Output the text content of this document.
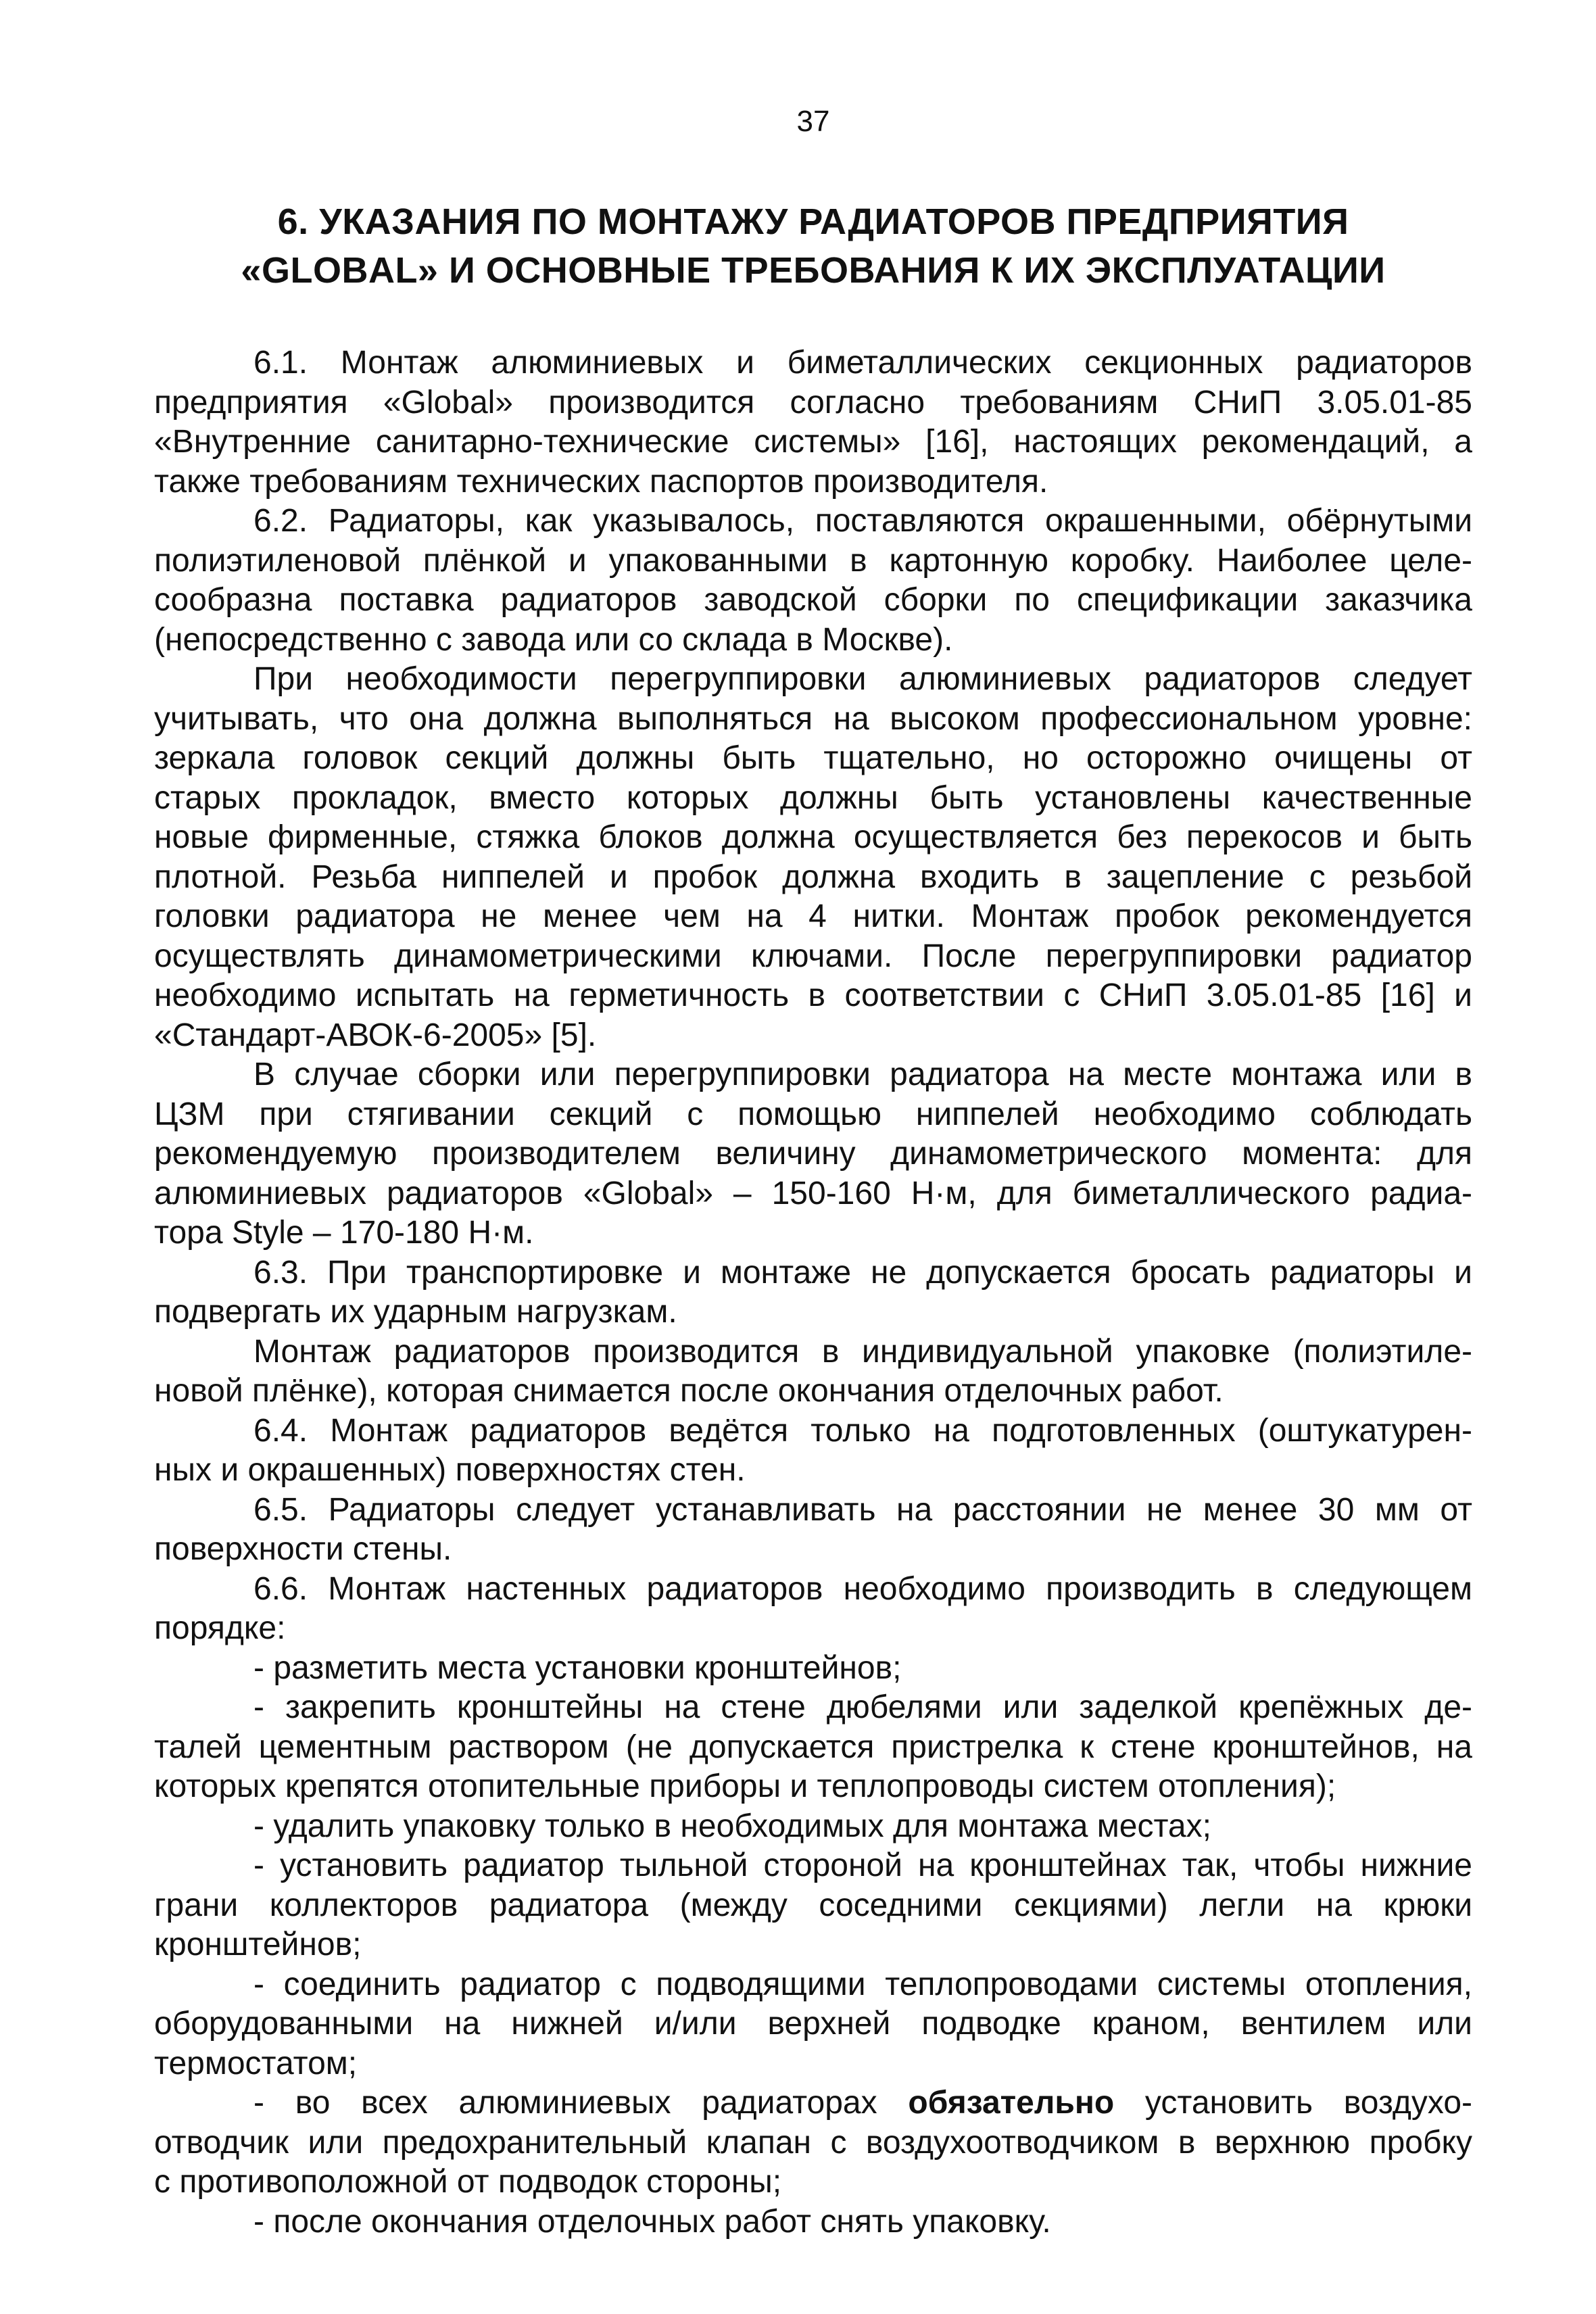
37
6. УКАЗАНИЯ ПО МОНТАЖУ РАДИАТОРОВ ПРЕДПРИЯТИЯ
«GLOBAL» И ОСНОВНЫЕ ТРЕБОВАНИЯ К ИХ ЭКСПЛУАТАЦИИ
6.1. Монтаж алюминиевых и биметаллических секционных радиаторов
предприятия «Global» производится согласно требованиям СНиП 3.05.01-85
«Внутренние санитарно-технические системы» [16], настоящих рекомендаций, а
также требованиям технических паспортов производителя.
6.2. Радиаторы, как указывалось, поставляются окрашенными, обёрнутыми
полиэтиленовой плёнкой и упакованными в картонную коробку. Наиболее целе-
сообразна поставка радиаторов заводской сборки по спецификации заказчика
(непосредственно с завода или со склада в Москве).
При необходимости перегруппировки алюминиевых радиаторов следует
учитывать, что она должна выполняться на высоком профессиональном уровне:
зеркала головок секций должны быть тщательно, но осторожно очищены от
старых прокладок, вместо которых должны быть установлены качественные
новые фирменные, стяжка блоков должна осуществляется без перекосов и быть
плотной. Резьба ниппелей и пробок должна входить в зацепление с резьбой
головки радиатора не менее чем на 4 нитки. Монтаж пробок рекомендуется
осуществлять динамометрическими ключами. После перегруппировки радиатор
необходимо испытать на герметичность в соответствии с СНиП 3.05.01-85 [16] и
«Стандарт-АВОК-6-2005» [5].
В случае сборки или перегруппировки радиатора на месте монтажа или в
ЦЗМ при стягивании секций с помощью ниппелей необходимо соблюдать
рекомендуемую производителем величину динамометрического момента: для
алюминиевых радиаторов «Global» – 150-160 Н·м, для биметаллического радиа-
тора Style – 170-180 Н·м.
6.3. При транспортировке и монтаже не допускается бросать радиаторы и
подвергать их ударным нагрузкам.
Монтаж радиаторов производится в индивидуальной упаковке (полиэтиле-
новой плёнке), которая снимается после окончания отделочных работ.
6.4. Монтаж радиаторов ведётся только на подготовленных (оштукатурен-
ных и окрашенных) поверхностях стен.
6.5. Радиаторы следует устанавливать на расстоянии не менее 30 мм от
поверхности стены.
6.6. Монтаж настенных радиаторов необходимо производить в следующем
порядке:
- разметить места установки кронштейнов;
- закрепить кронштейны на стене дюбелями или заделкой крепёжных де-
талей цементным раствором (не допускается пристрелка к стене кронштейнов, на
которых крепятся отопительные приборы и теплопроводы систем отопления);
- удалить упаковку только в необходимых для монтажа местах;
- установить радиатор тыльной стороной на кронштейнах так, чтобы нижние
грани коллекторов радиатора (между соседними секциями) легли на крюки
кронштейнов;
- соединить радиатор с подводящими теплопроводами системы отопления,
оборудованными на нижней и/или верхней подводке краном, вентилем или
термостатом;
- во всех алюминиевых радиаторах обязательно установить воздухо-
отводчик или предохранительный клапан с воздухоотводчиком в верхнюю пробку
с противоположной от подводок стороны;
- после окончания отделочных работ снять упаковку.
